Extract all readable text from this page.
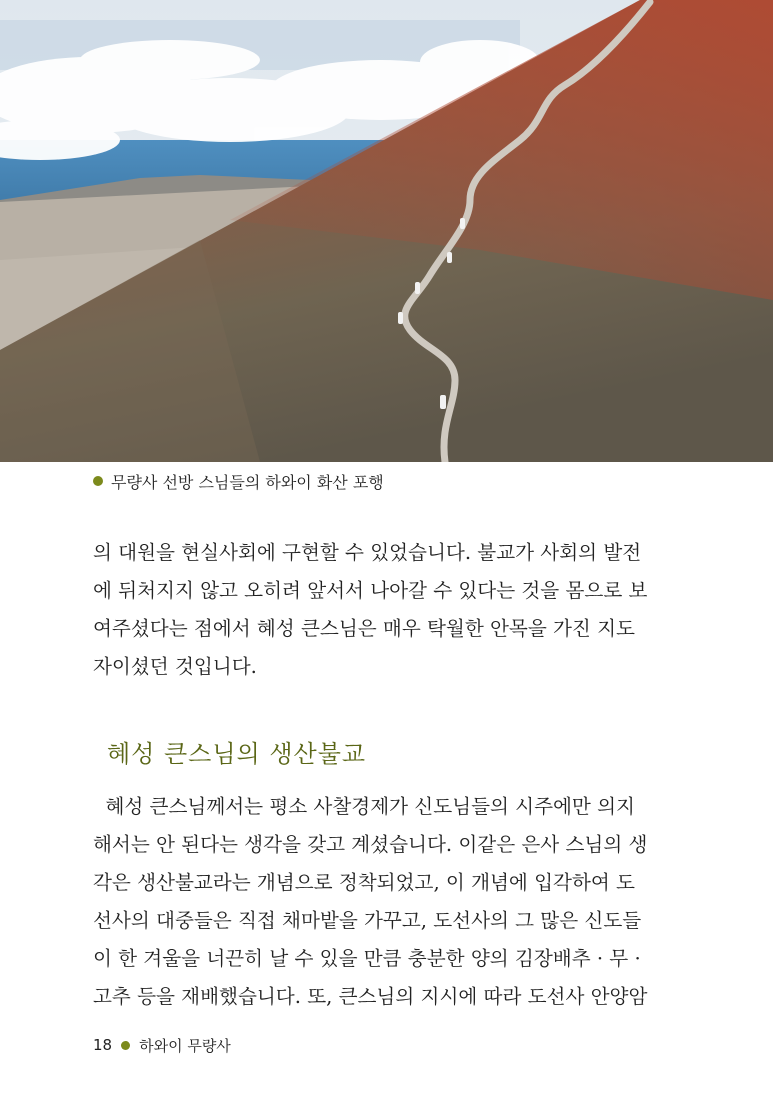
무량사 선방 스님들의 하와이 화산 포행

의 대원을 현실사회에 구현할 수 있었습니다. 불교가 사회의 발전
에 뒤처지지 않고 오히려 앞서서 나아갈 수 있다는 것을 몸으로 보
여주셨다는 점에서 혜성 큰스님은 매우 탁월한 안목을 가진 지도
자이셨던 것입니다.

혜성 큰스님의 생산불교

혜성 큰스님께서는 평소 사찰경제가 신도님들의 시주에만 의지
해서는 안 된다는 생각을 갖고 계셨습니다. 이같은 은사 스님의 생
각은 생산불교라는 개념으로 정착되었고, 이 개념에 입각하여 도
선사의 대중들은 직접 채마밭을 가꾸고, 도선사의 그 많은 신도들
이 한 겨울을 너끈히 날 수 있을 만큼 충분한 양의 김장배추 · 무 ·
고추 등을 재배했습니다. 또, 큰스님의 지시에 따라 도선사 안양암

18 하와이 무량사
